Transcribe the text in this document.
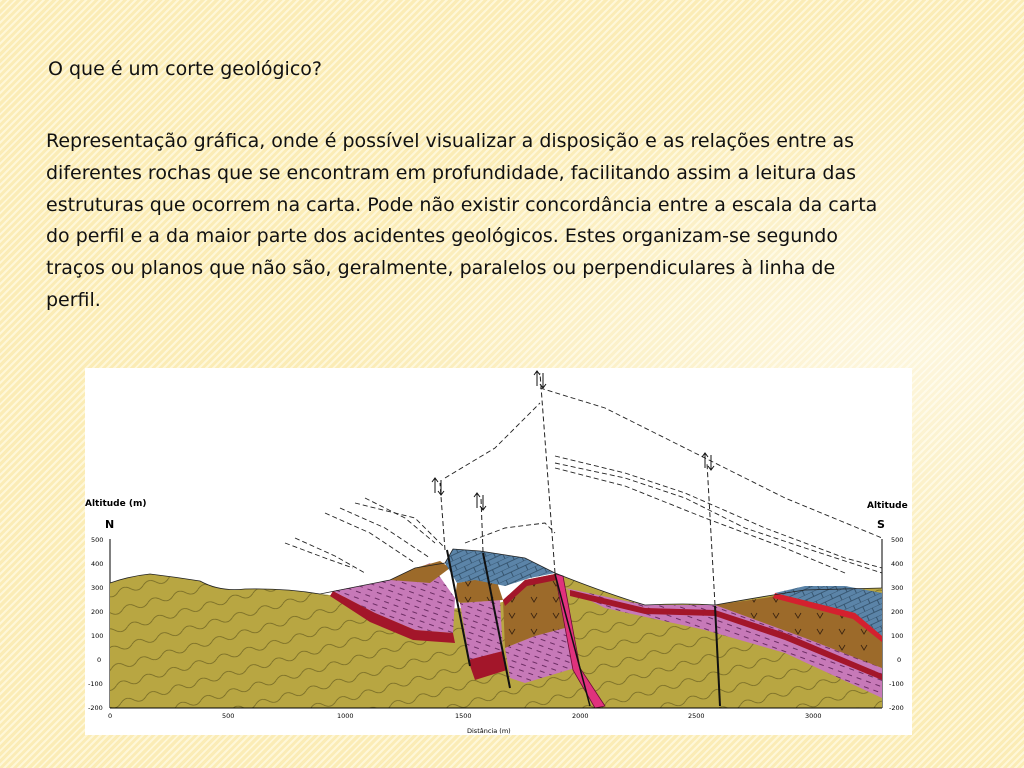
O que é um corte geológico?
Representação gráfica, onde é possível visualizar a disposição e as relações entre as diferentes rochas que se encontram em profundidade, facilitando assim a leitura das estruturas que ocorrem na carta. Pode não existir concordância entre a escala da carta do perfil e a da maior parte dos acidentes geológicos. Estes organizam-se segundo traços ou planos que não são, geralmente, paralelos ou perpendiculares à linha de perfil.
Altitude (m)
N
500
400
300
200
100
0
-100
-200
Altitude
S
500
400
300
200
100
0
-100
-200
0	500	1000	1500	2000	2500	3000
Distância (m)
